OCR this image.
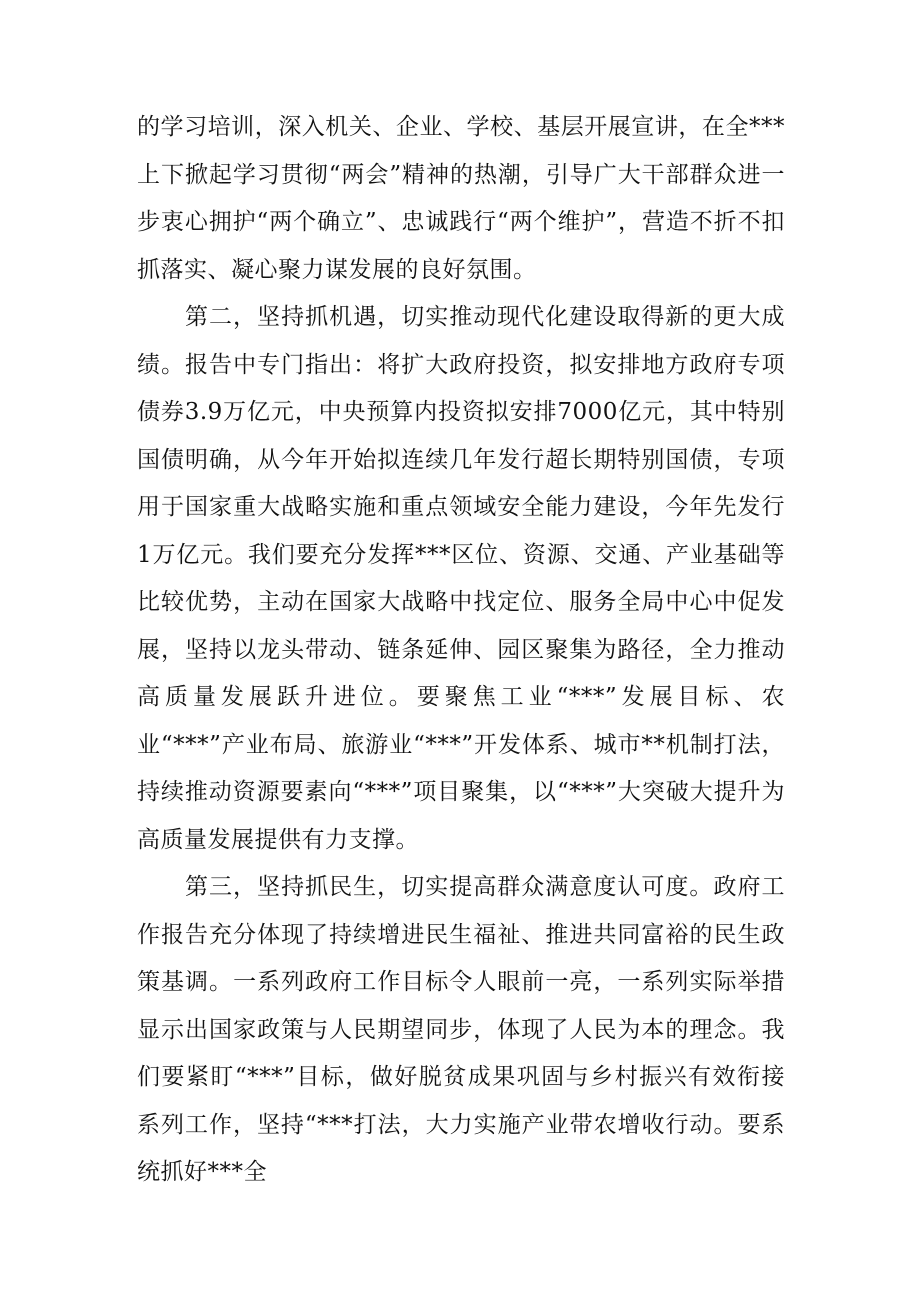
的学习培训，深入机关、企业、学校、基层开展宣讲，在全***上下掀起学习贯彻“两会”精神的热潮，引导广大干部群众进一步衷心拥护“两个确立”、忠诚践行“两个维护”，营造不折不扣抓落实、凝心聚力谋发展的良好氛围。

第二，坚持抓机遇，切实推动现代化建设取得新的更大成绩。报告中专门指出：将扩大政府投资，拟安排地方政府专项债券3.9万亿元，中央预算内投资拟安排7000亿元，其中特别国债明确，从今年开始拟连续几年发行超长期特别国债，专项用于国家重大战略实施和重点领域安全能力建设，今年先发行1万亿元。我们要充分发挥***区位、资源、交通、产业基础等比较优势，主动在国家大战略中找定位、服务全局中心中促发展，坚持以龙头带动、链条延伸、园区聚集为路径，全力推动高质量发展跃升进位。要聚焦工业“***”发展目标、农业“***”产业布局、旅游业“***”开发体系、城市**机制打法，持续推动资源要素向“***”项目聚集，以“***”大突破大提升为高质量发展提供有力支撑。

第三，坚持抓民生，切实提高群众满意度认可度。政府工作报告充分体现了持续增进民生福祉、推进共同富裕的民生政策基调。一系列政府工作目标令人眼前一亮，一系列实际举措显示出国家政策与人民期望同步，体现了人民为本的理念。我们要紧盯“***”目标，做好脱贫成果巩固与乡村振兴有效衔接系列工作，坚持“***打法，大力实施产业带农增收行动。要系统抓好***全
